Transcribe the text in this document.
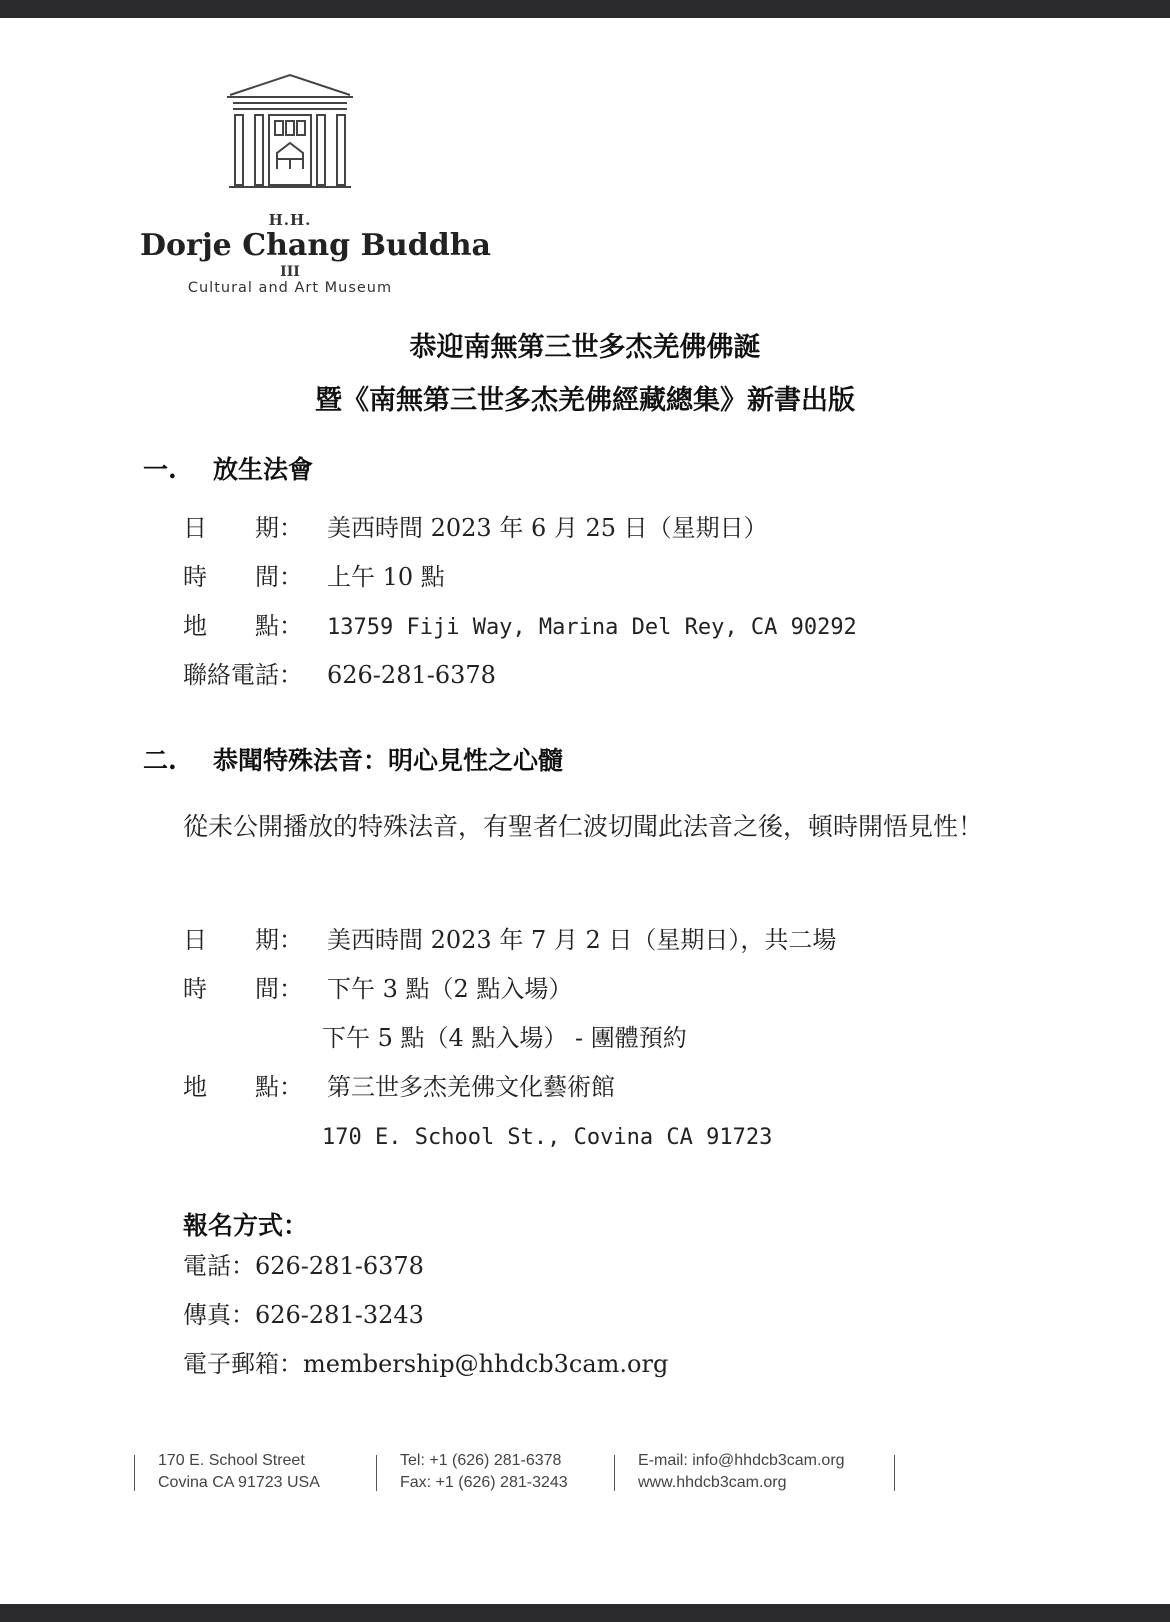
H.H.
Dorje Chang Buddha
III
Cultural and Art Museum
恭迎南無第三世多杰羌佛佛誕
暨《南無第三世多杰羌佛經藏總集》新書出版
一. 放生法會
日　　期： 美西時間 2023 年 6 月 25 日（星期日）
時　　間： 上午 10 點
地　　點： 13759 Fiji Way, Marina Del Rey, CA 90292
聯絡電話： 626-281-6378
二. 恭聞特殊法音：明心見性之心髓
從未公開播放的特殊法音，有聖者仁波切聞此法音之後，頓時開悟見性！
日　　期： 美西時間 2023 年 7 月 2 日（星期日），共二場
時　　間： 下午 3 點（2 點入場）
下午 5 點（4 點入場） - 團體預約
地　　點： 第三世多杰羌佛文化藝術館
170 E. School St., Covina CA 91723
報名方式：
電話：626-281-6378
傳真：626-281-3243
電子郵箱：membership@hhdcb3cam.org
170 E. School Street
Covina CA 91723 USA
Tel: +1 (626) 281-6378
Fax: +1 (626) 281-3243
E-mail: info@hhdcb3cam.org
www.hhdcb3cam.org
